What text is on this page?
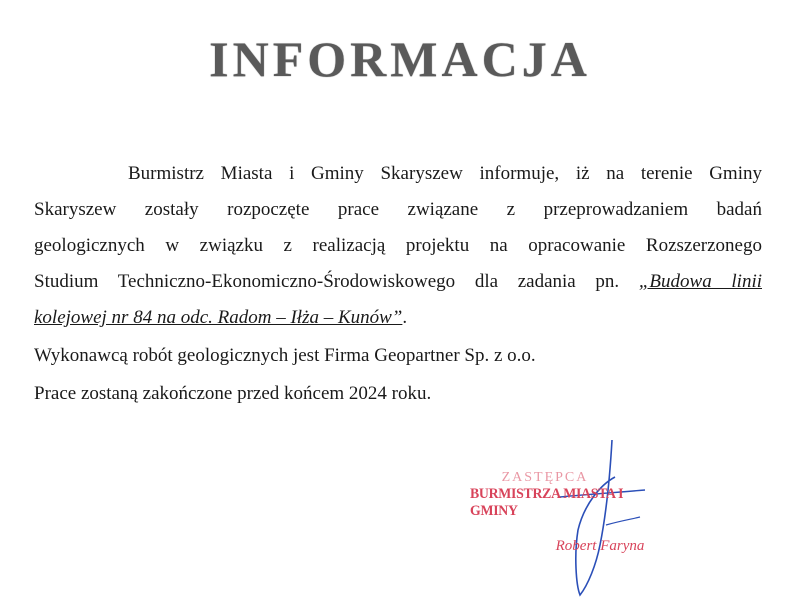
INFORMACJA
Burmistrz Miasta i Gminy Skaryszew informuje, iż na terenie Gminy
Skaryszew zostały rozpoczęte prace związane z przeprowadzaniem badań
geologicznych w związku z realizacją projektu na opracowanie Rozszerzonego
Studium Techniczno-Ekonomiczno-Środowiskowego dla zadania pn. „Budowa linii
kolejowej nr 84 na odc. Radom – Iłża – Kunów”.
Wykonawcą robót geologicznych jest Firma Geopartner Sp. z o.o.
Prace zostaną zakończone przed końcem 2024 roku.
ZASTĘPCA
BURMISTRZA MIASTA I GMINY
Robert Faryna
